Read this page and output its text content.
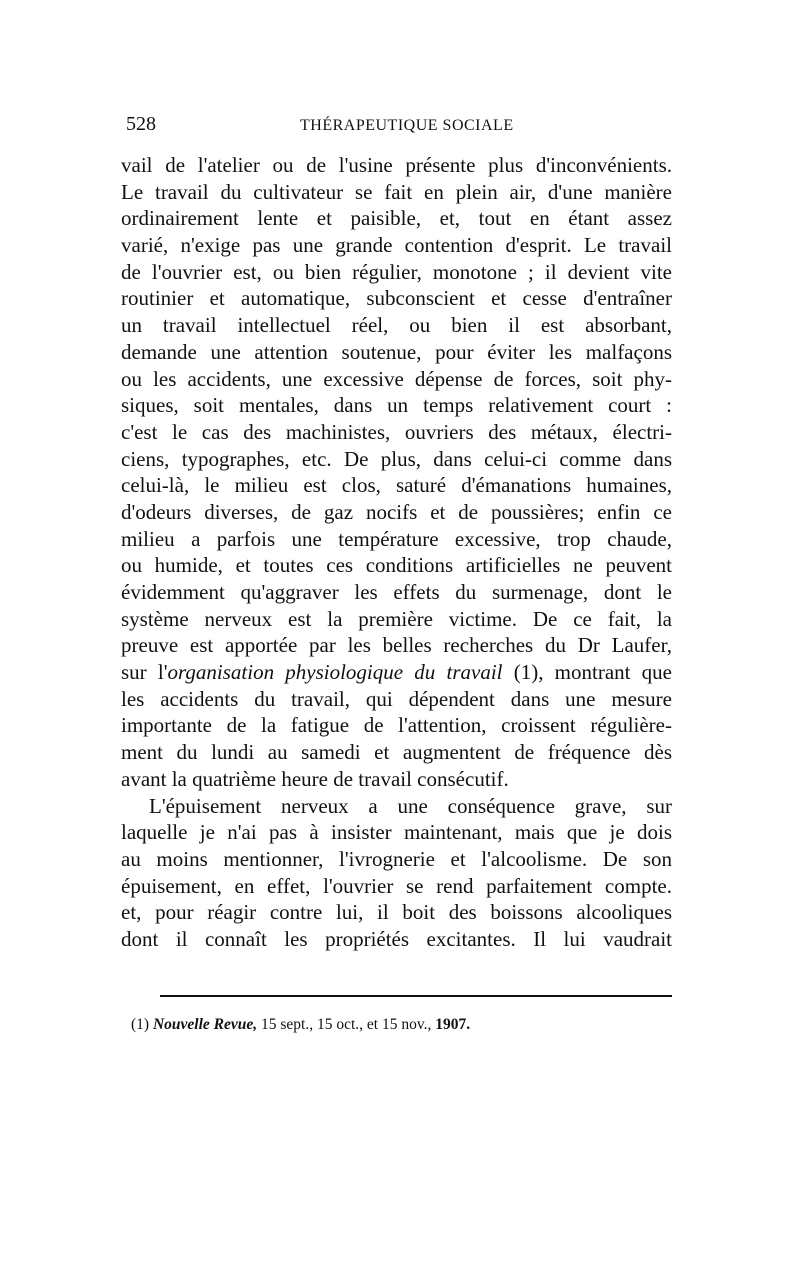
528	THÉRAPEUTIQUE SOCIALE
vail de l'atelier ou de l'usine présente plus d'inconvénients.
Le travail du cultivateur se fait en plein air, d'une manière
ordinairement lente et paisible, et, tout en étant assez
varié, n'exige pas une grande contention d'esprit. Le travail
de l'ouvrier est, ou bien régulier, monotone ; il devient vite
routinier et automatique, subconscient et cesse d'entraîner
un travail intellectuel réel, ou bien il est absorbant,
demande une attention soutenue, pour éviter les malfaçons
ou les accidents, une excessive dépense de forces, soit phy-
siques, soit mentales, dans un temps relativement court :
c'est le cas des machinistes, ouvriers des métaux, électri-
ciens, typographes, etc. De plus, dans celui-ci comme dans
celui-là, le milieu est clos, saturé d'émanations humaines,
d'odeurs diverses, de gaz nocifs et de poussières; enfin ce
milieu a parfois une température excessive, trop chaude,
ou humide, et toutes ces conditions artificielles ne peuvent
évidemment qu'aggraver les effets du surmenage, dont le
système nerveux est la première victime. De ce fait, la
preuve est apportée par les belles recherches du Dr Laufer,
sur l'organisation physiologique du travail (1), montrant que
les accidents du travail, qui dépendent dans une mesure
importante de la fatigue de l'attention, croissent régulière-
ment du lundi au samedi et augmentent de fréquence dès
avant la quatrième heure de travail consécutif.
L'épuisement nerveux a une conséquence grave, sur
laquelle je n'ai pas à insister maintenant, mais que je dois
au moins mentionner, l'ivrognerie et l'alcoolisme. De son
épuisement, en effet, l'ouvrier se rend parfaitement compte.
et, pour réagir contre lui, il boit des boissons alcooliques
dont il connaît les propriétés excitantes. Il lui vaudrait
(1) Nouvelle Revue, 15 sept., 15 oct., et 15 nov., 1907.
